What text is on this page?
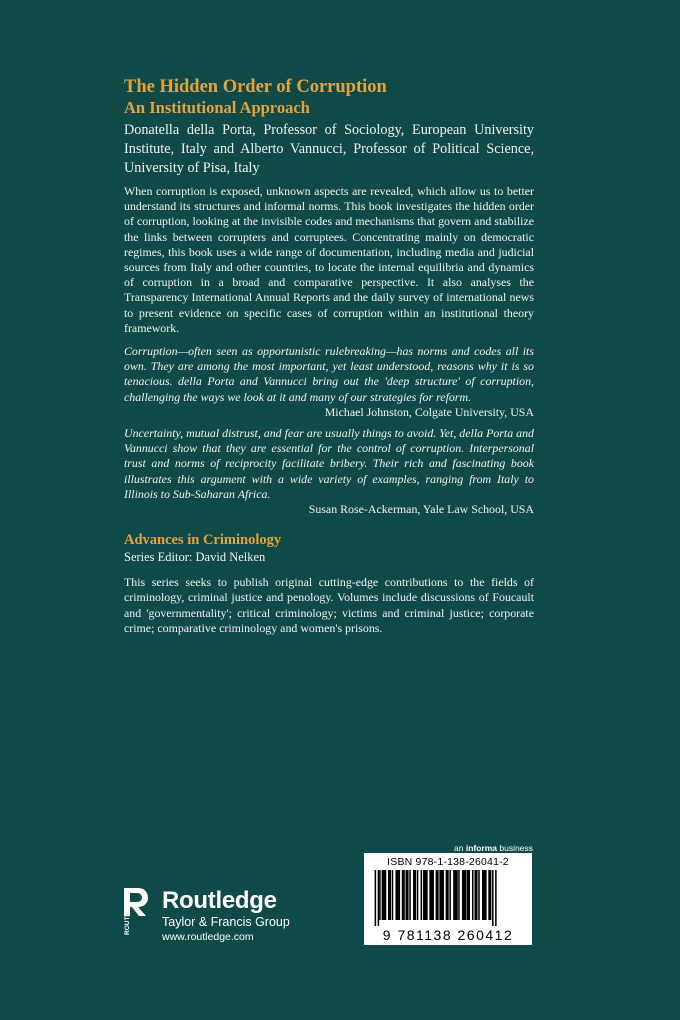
The Hidden Order of Corruption
An Institutional Approach

Donatella della Porta, Professor of Sociology, European University Institute, Italy and Alberto Vannucci, Professor of Political Science, University of Pisa, Italy

When corruption is exposed, unknown aspects are revealed, which allow us to better understand its structures and informal norms. This book investigates the hidden order of corruption, looking at the invisible codes and mechanisms that govern and stabilize the links between corrupters and corruptees. Concentrating mainly on democratic regimes, this book uses a wide range of documentation, including media and judicial sources from Italy and other countries, to locate the internal equilibria and dynamics of corruption in a broad and comparative perspective. It also analyses the Transparency International Annual Reports and the daily survey of international news to present evidence on specific cases of corruption within an institutional theory framework.

Corruption—often seen as opportunistic rulebreaking—has norms and codes all its own. They are among the most important, yet least understood, reasons why it is so tenacious. della Porta and Vannucci bring out the 'deep structure' of corruption, challenging the ways we look at it and many of our strategies for reform.

Michael Johnston, Colgate University, USA

Uncertainty, mutual distrust, and fear are usually things to avoid. Yet, della Porta and Vannucci show that they are essential for the control of corruption. Interpersonal trust and norms of reciprocity facilitate bribery. Their rich and fascinating book illustrates this argument with a wide variety of examples, ranging from Italy to Illinois to Sub-Saharan Africa.

Susan Rose-Ackerman, Yale Law School, USA

Advances in Criminology

Series Editor: David Nelken

This series seeks to publish original cutting-edge contributions to the fields of criminology, criminal justice and penology. Volumes include discussions of Foucault and 'governmentality'; critical criminology; victims and criminal justice; corporate crime; comparative criminology and women's prisons.

an informa business
ISBN 978-1-138-26041-2
9 781138 260412
ROUTLEDGE Routledge
Taylor & Francis Group
www.routledge.com
